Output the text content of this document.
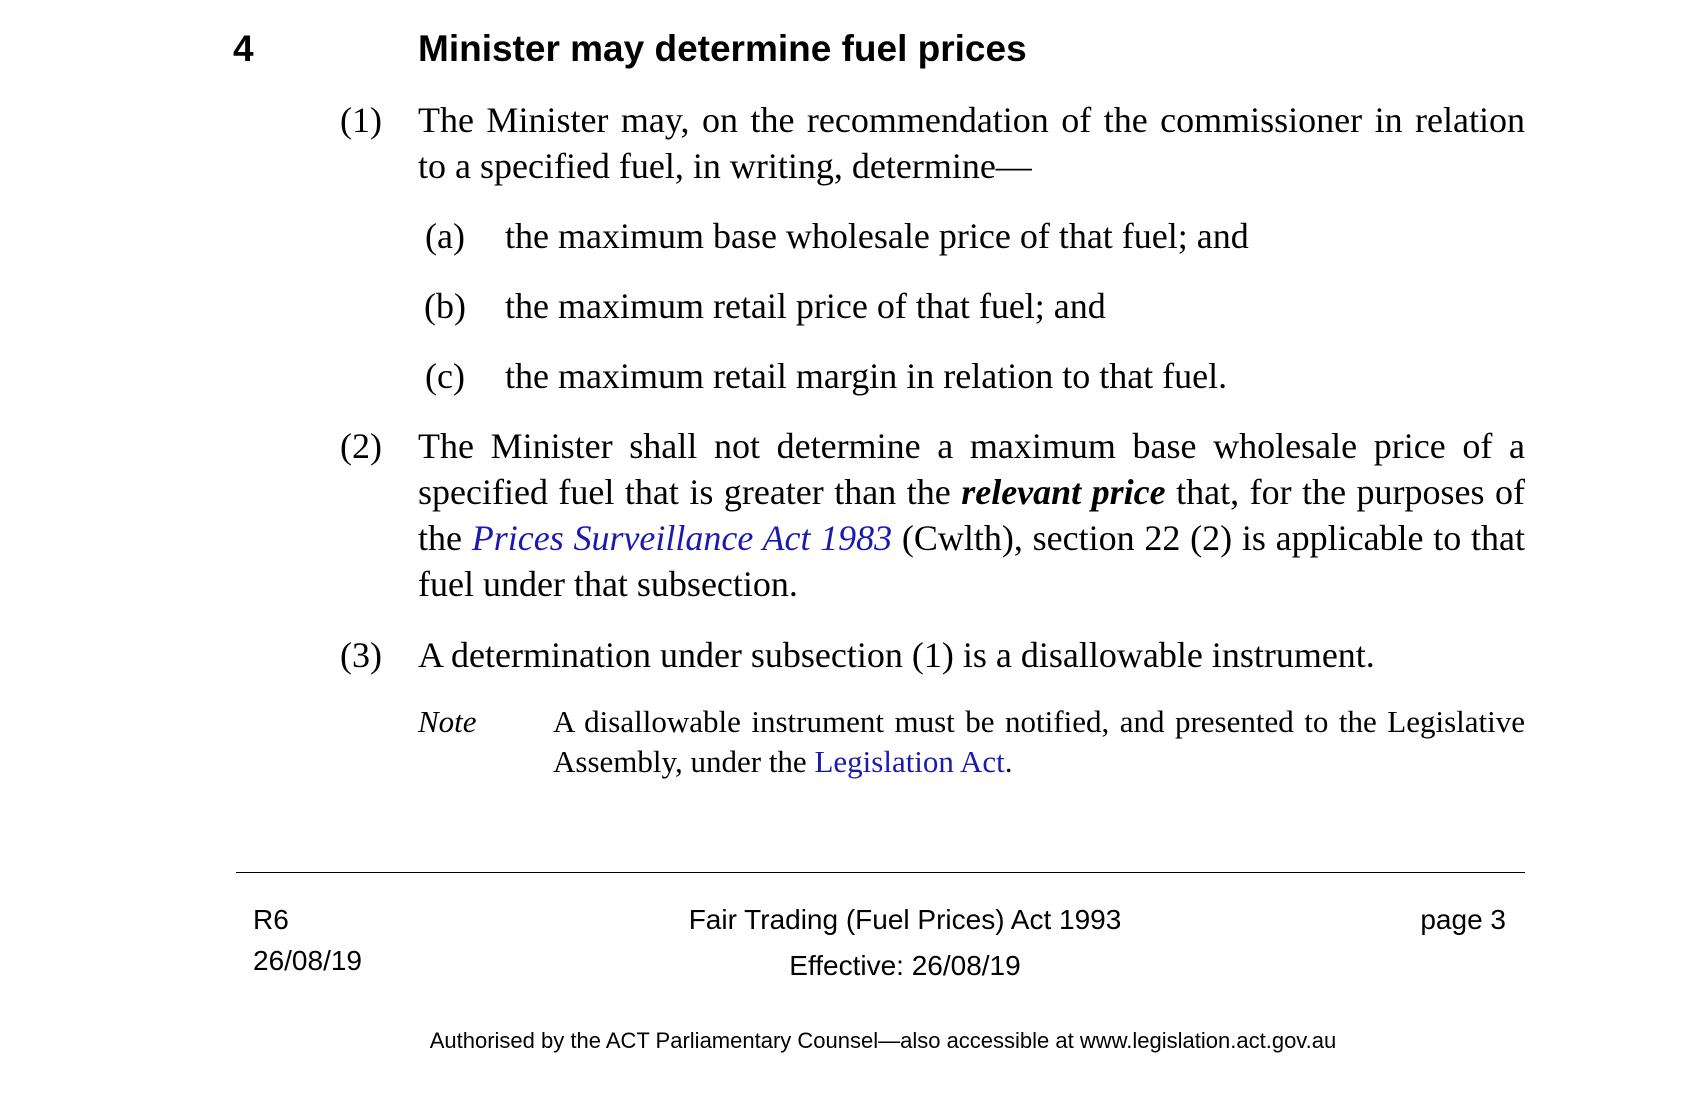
4	Minister may determine fuel prices
(1) The Minister may, on the recommendation of the commissioner in relation to a specified fuel, in writing, determine—
(a) the maximum base wholesale price of that fuel; and
(b) the maximum retail price of that fuel; and
(c) the maximum retail margin in relation to that fuel.
(2) The Minister shall not determine a maximum base wholesale price of a specified fuel that is greater than the relevant price that, for the purposes of the Prices Surveillance Act 1983 (Cwlth), section 22 (2) is applicable to that fuel under that subsection.
(3) A determination under subsection (1) is a disallowable instrument.
Note A disallowable instrument must be notified, and presented to the Legislative Assembly, under the Legislation Act.
R6
26/08/19
Fair Trading (Fuel Prices) Act 1993
Effective: 26/08/19
page 3
Authorised by the ACT Parliamentary Counsel—also accessible at www.legislation.act.gov.au
